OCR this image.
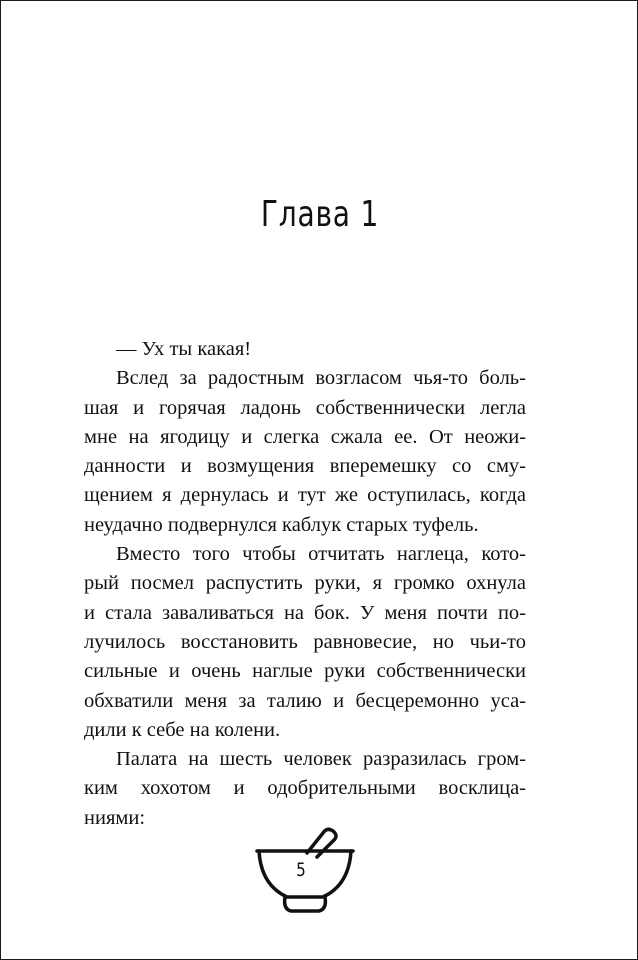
Глава 1
— Ух ты какая!
Вслед за радостным возгласом чья-то боль-
шая и горячая ладонь собственнически легла
мне на ягодицу и слегка сжала ее. От неожи-
данности и возмущения вперемешку со сму-
щением я дернулась и тут же оступилась, когда
неудачно подвернулся каблук старых туфель.
Вместо того чтобы отчитать наглеца, кото-
рый посмел распустить руки, я громко охнула
и стала заваливаться на бок. У меня почти по-
лучилось восстановить равновесие, но чьи-то
сильные и очень наглые руки собственнически
обхватили меня за талию и бесцеремонно уса-
дили к себе на колени.
Палата на шесть человек разразилась гром-
ким хохотом и одобрительными восклица-
ниями:
5
